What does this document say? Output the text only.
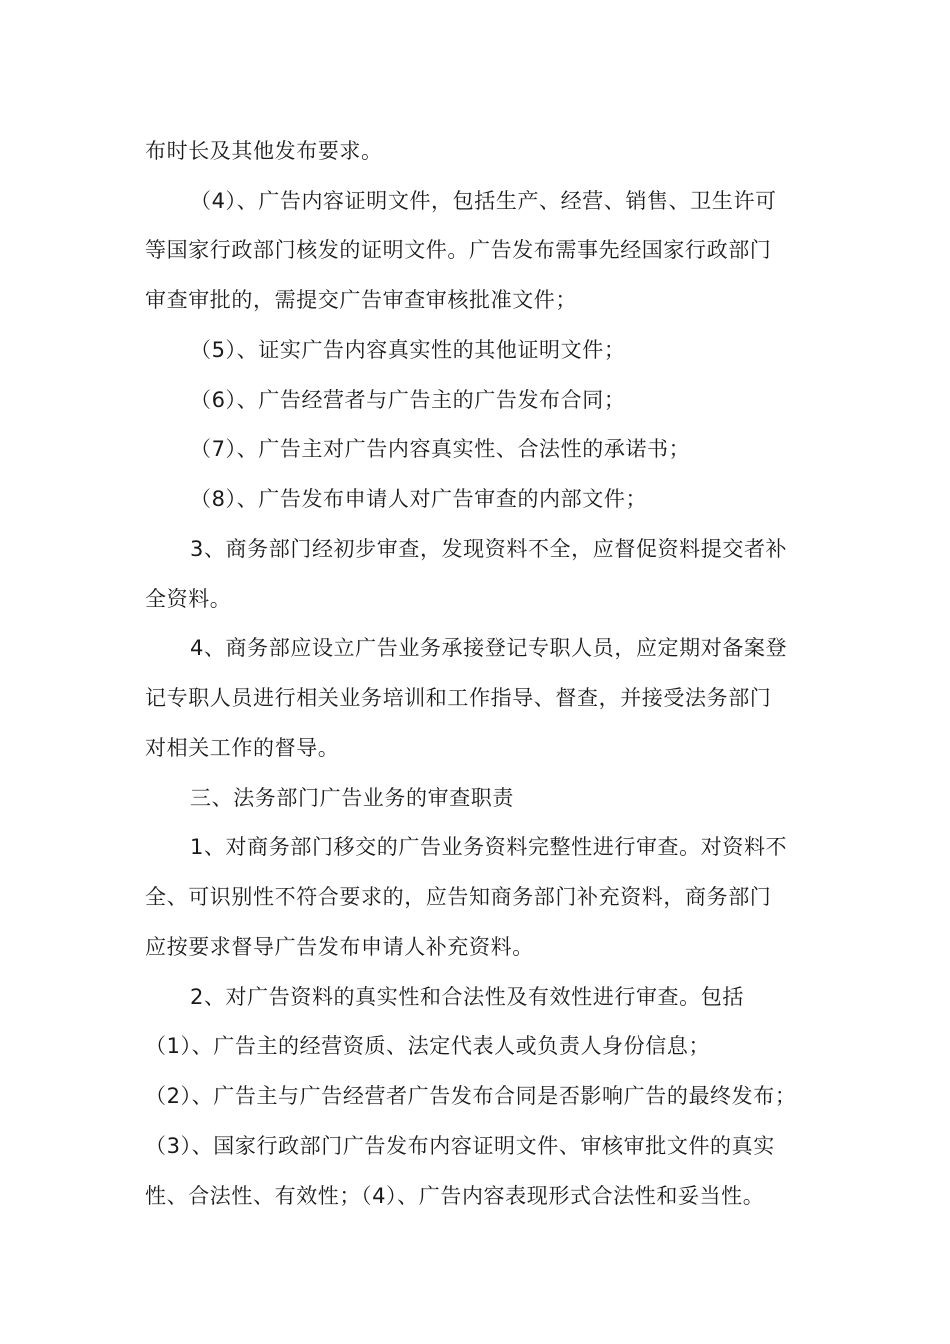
布时长及其他发布要求。
（4）、广告内容证明文件，包括生产、经营、销售、卫生许可
等国家行政部门核发的证明文件。广告发布需事先经国家行政部门
审查审批的，需提交广告审查审核批准文件；
（5）、证实广告内容真实性的其他证明文件；
（6）、广告经营者与广告主的广告发布合同；
（7）、广告主对广告内容真实性、合法性的承诺书；
（8）、广告发布申请人对广告审查的内部文件；
3、商务部门经初步审查，发现资料不全，应督促资料提交者补
全资料。
4、商务部应设立广告业务承接登记专职人员，应定期对备案登
记专职人员进行相关业务培训和工作指导、督查，并接受法务部门
对相关工作的督导。
三、法务部门广告业务的审查职责
1、对商务部门移交的广告业务资料完整性进行审查。对资料不
全、可识别性不符合要求的，应告知商务部门补充资料，商务部门
应按要求督导广告发布申请人补充资料。
2、对广告资料的真实性和合法性及有效性进行审查。包括
（1）、广告主的经营资质、法定代表人或负责人身份信息；
（2）、广告主与广告经营者广告发布合同是否影响广告的最终发布；
（3）、国家行政部门广告发布内容证明文件、审核审批文件的真实
性、合法性、有效性；（4）、广告内容表现形式合法性和妥当性。
